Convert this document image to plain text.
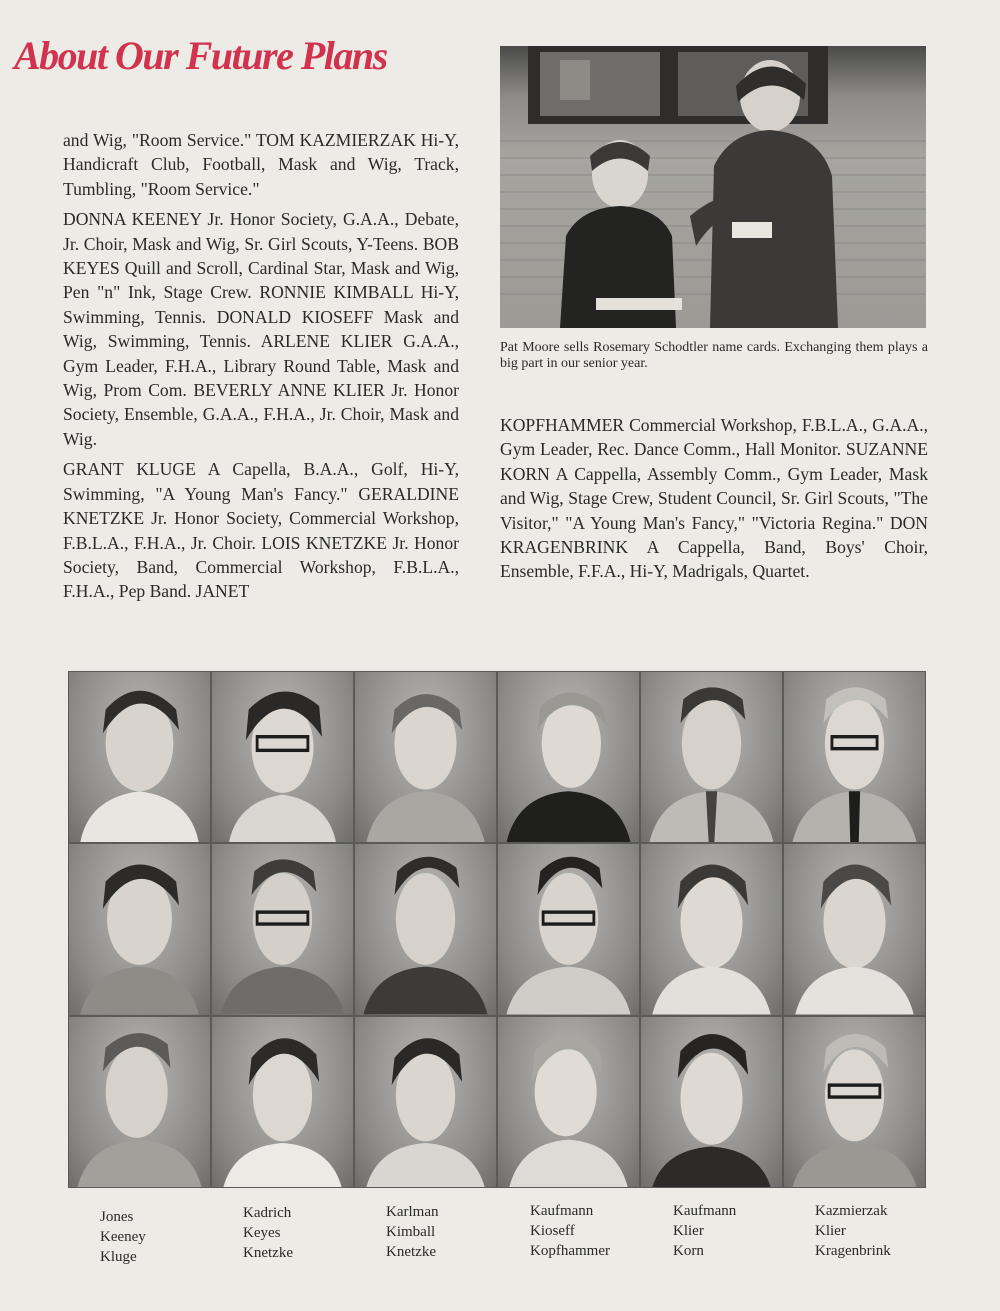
About Our Future Plans

and Wig, "Room Service." TOM KAZMIERZAK Hi-Y, Handicraft Club, Football, Mask and Wig, Track, Tumbling, "Room Service."

DONNA KEENEY Jr. Honor Society, G.A.A., Debate, Jr. Choir, Mask and Wig, Sr. Girl Scouts, Y-Teens. BOB KEYES Quill and Scroll, Cardinal Star, Mask and Wig, Pen "n" Ink, Stage Crew. RONNIE KIMBALL Hi-Y, Swimming, Tennis. DONALD KIOSEFF Mask and Wig, Swimming, Tennis. ARLENE KLIER G.A.A., Gym Leader, F.H.A., Library Round Table, Mask and Wig, Prom Com. BEVERLY ANNE KLIER Jr. Honor Society, Ensemble, G.A.A., F.H.A., Jr. Choir, Mask and Wig.

GRANT KLUGE A Capella, B.A.A., Golf, Hi-Y, Swimming, "A Young Man's Fancy." GERALDINE KNETZKE Jr. Honor Society, Commercial Workshop, F.B.L.A., F.H.A., Jr. Choir. LOIS KNETZKE Jr. Honor Society, Band, Commercial Workshop, F.B.L.A., F.H.A., Pep Band. JANET

Pat Moore sells Rosemary Schodtler name cards. Exchanging them plays a big part in our senior year.

KOPFHAMMER Commercial Workshop, F.B.L.A., G.A.A., Gym Leader, Rec. Dance Comm., Hall Monitor. SUZANNE KORN A Cappella, Assembly Comm., Gym Leader, Mask and Wig, Stage Crew, Student Council, Sr. Girl Scouts, "The Visitor," "A Young Man's Fancy," "Victoria Regina." DON KRAGENBRINK A Cappella, Band, Boys' Choir, Ensemble, F.F.A., Hi-Y, Madrigals, Quartet.

Jones
Keeney
Kluge
Kadrich
Keyes
Knetzke
Karlman
Kimball
Knetzke
Kaufmann
Kioseff
Kopfhammer
Kaufmann
Klier
Korn
Kazmierzak
Klier
Kragenbrink
